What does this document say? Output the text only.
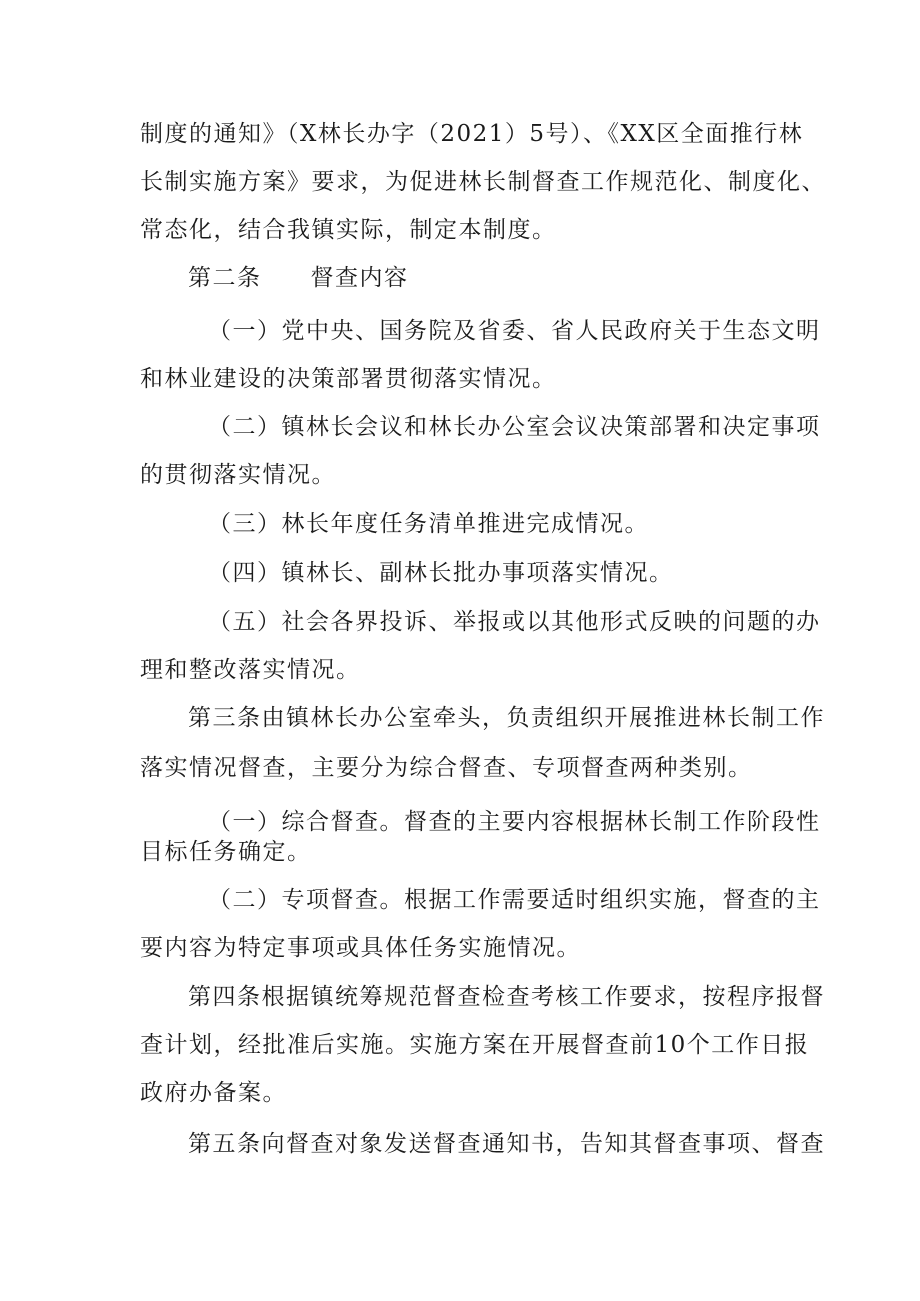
制度的通知》（X林长办字（2021）5号）、《XX区全面推行林
长制实施方案》要求，为促进林长制督查工作规范化、制度化、
常态化，结合我镇实际，制定本制度。
第二条　　督查内容
（一）党中央、国务院及省委、省人民政府关于生态文明
和林业建设的决策部署贯彻落实情况。
（二）镇林长会议和林长办公室会议决策部署和决定事项
的贯彻落实情况。
（三）林长年度任务清单推进完成情况。
（四）镇林长、副林长批办事项落实情况。
（五）社会各界投诉、举报或以其他形式反映的问题的办
理和整改落实情况。
第三条由镇林长办公室牵头，负责组织开展推进林长制工作
落实情况督查，主要分为综合督查、专项督查两种类别。
（一）综合督查。督查的主要内容根据林长制工作阶段性
目标任务确定。
（二）专项督查。根据工作需要适时组织实施，督查的主
要内容为特定事项或具体任务实施情况。
第四条根据镇统筹规范督查检查考核工作要求，按程序报督
查计划，经批准后实施。实施方案在开展督查前10个工作日报
政府办备案。
第五条向督查对象发送督查通知书，告知其督查事项、督查
